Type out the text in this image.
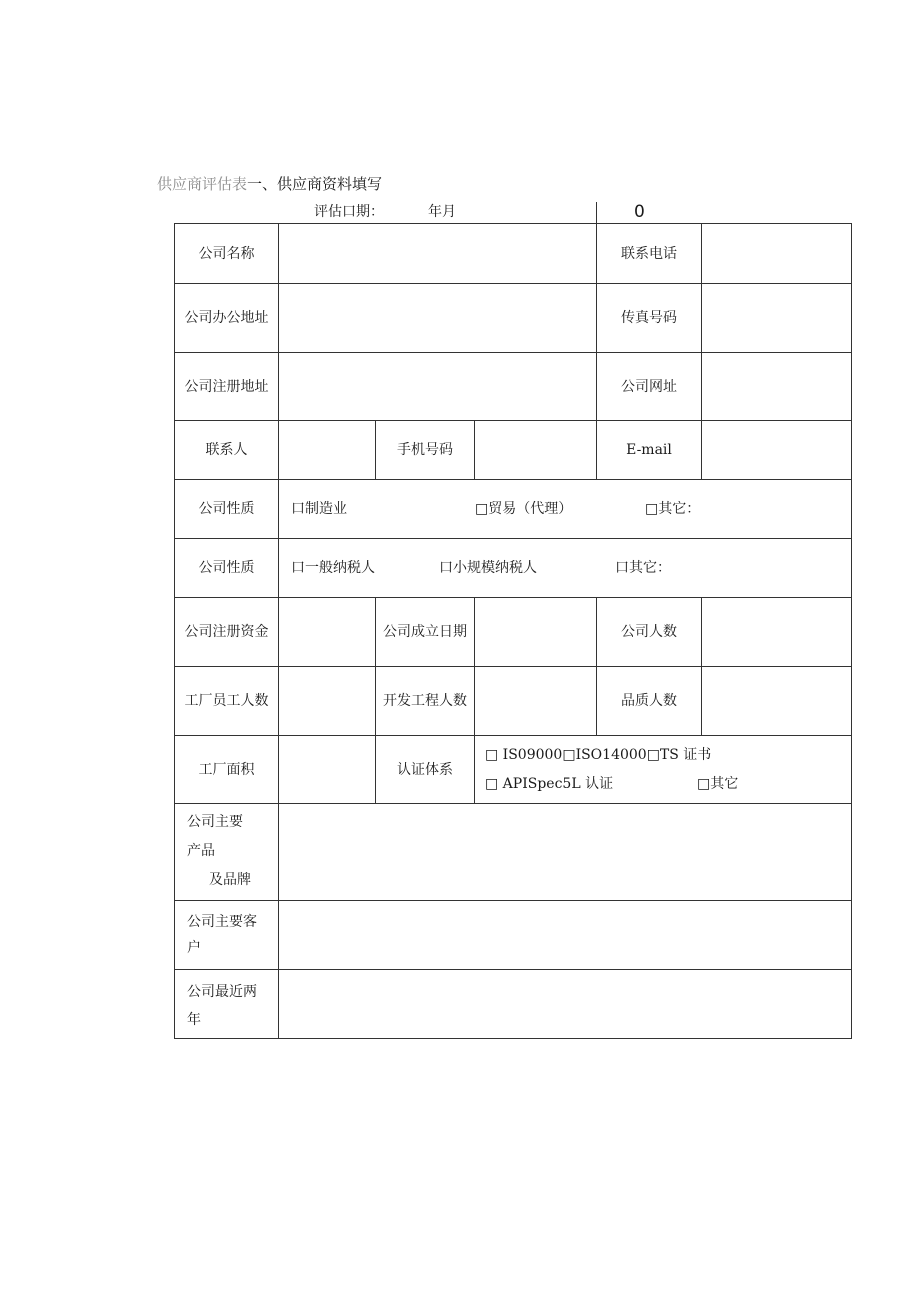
供应商评估表一、供应商资料填写
评估口期：	年月	0
公司名称				联系电话	
公司办公地址				传真号码	
公司注册地址				公司网址	
联系人		手机号码		E-mail	
公司性质	口制造业 □贸易（代理） □其它：				
公司性质	口一般纳税人 口小规模纳税人 口其它：				
公司注册资金		公司成立日期		公司人数	
工厂员工人数		开发工程人数		品质人数	
工厂面积		认证体系	□ IS09000□ISO14000□TS 证书
□ APISpec5L 认证 □其它		

公司主要
产品
及品牌					

公司主要客
户					

公司最近两
年					
